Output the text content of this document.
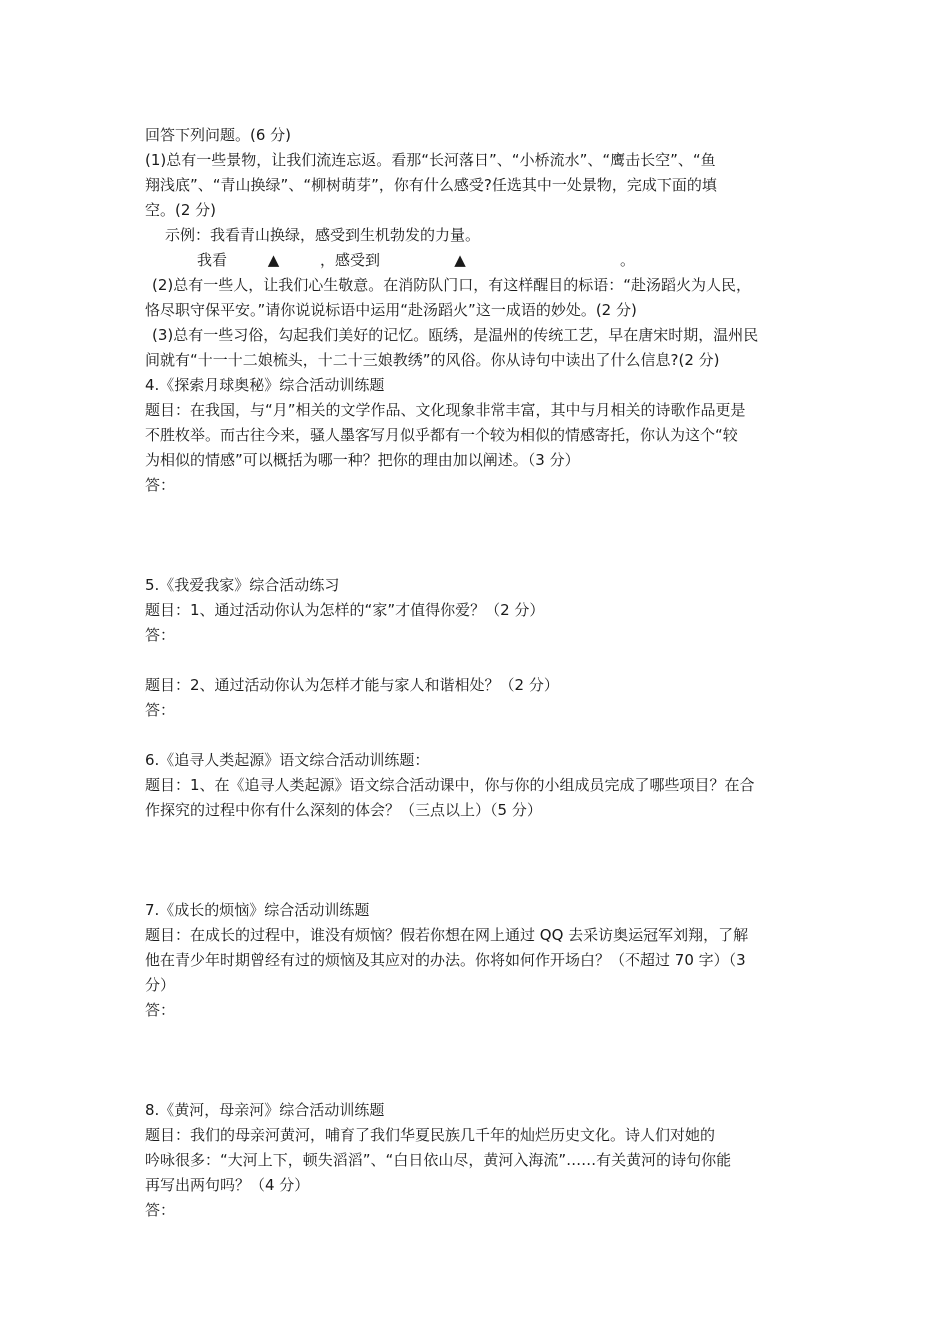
回答下列问题。(6 分)
(1)总有一些景物，让我们流连忘返。看那“长河落日”、“小桥流水”、“鹰击长空”、“鱼
翔浅底”、“青山换绿”、“柳树萌芽”，你有什么感受?任选其中一处景物，完成下面的填
空。(2 分)
示例：我看青山换绿，感受到生机勃发的力量。
我看	▲	，感受到	▲	。
(2)总有一些人，让我们心生敬意。在消防队门口，有这样醒目的标语：“赴汤蹈火为人民，
恪尽职守保平安。”请你说说标语中运用“赴汤蹈火”这一成语的妙处。(2 分)
(3)总有一些习俗，勾起我们美好的记忆。瓯绣，是温州的传统工艺，早在唐宋时期，温州民
间就有“十一十二娘梳头，十二十三娘教绣”的风俗。你从诗句中读出了什么信息?(2 分)
4.《探索月球奥秘》综合活动训练题
题目：在我国，与“月”相关的文学作品、文化现象非常丰富，其中与月相关的诗歌作品更是
不胜枚举。而古往今来，骚人墨客写月似乎都有一个较为相似的情感寄托，你认为这个“较
为相似的情感”可以概括为哪一种？把你的理由加以阐述。（3 分）
答：
5.《我爱我家》综合活动练习
题目：1、通过活动你认为怎样的“家”才值得你爱？（2 分）
答：
题目：2、通过活动你认为怎样才能与家人和谐相处？（2 分）
答：
6.《追寻人类起源》语文综合活动训练题：
题目：1、在《追寻人类起源》语文综合活动课中，你与你的小组成员完成了哪些项目？在合
作探究的过程中你有什么深刻的体会？（三点以上）（5 分）
7.《成长的烦恼》综合活动训练题
题目：在成长的过程中，谁没有烦恼？假若你想在网上通过 QQ 去采访奥运冠军刘翔，了解
他在青少年时期曾经有过的烦恼及其应对的办法。你将如何作开场白？（不超过 70 字）（3
分）
答：
8.《黄河，母亲河》综合活动训练题
题目：我们的母亲河黄河，哺育了我们华夏民族几千年的灿烂历史文化。诗人们对她的
吟咏很多：“大河上下，顿失滔滔”、“白日依山尽，黄河入海流”……有关黄河的诗句你能
再写出两句吗？（4 分）
答：
